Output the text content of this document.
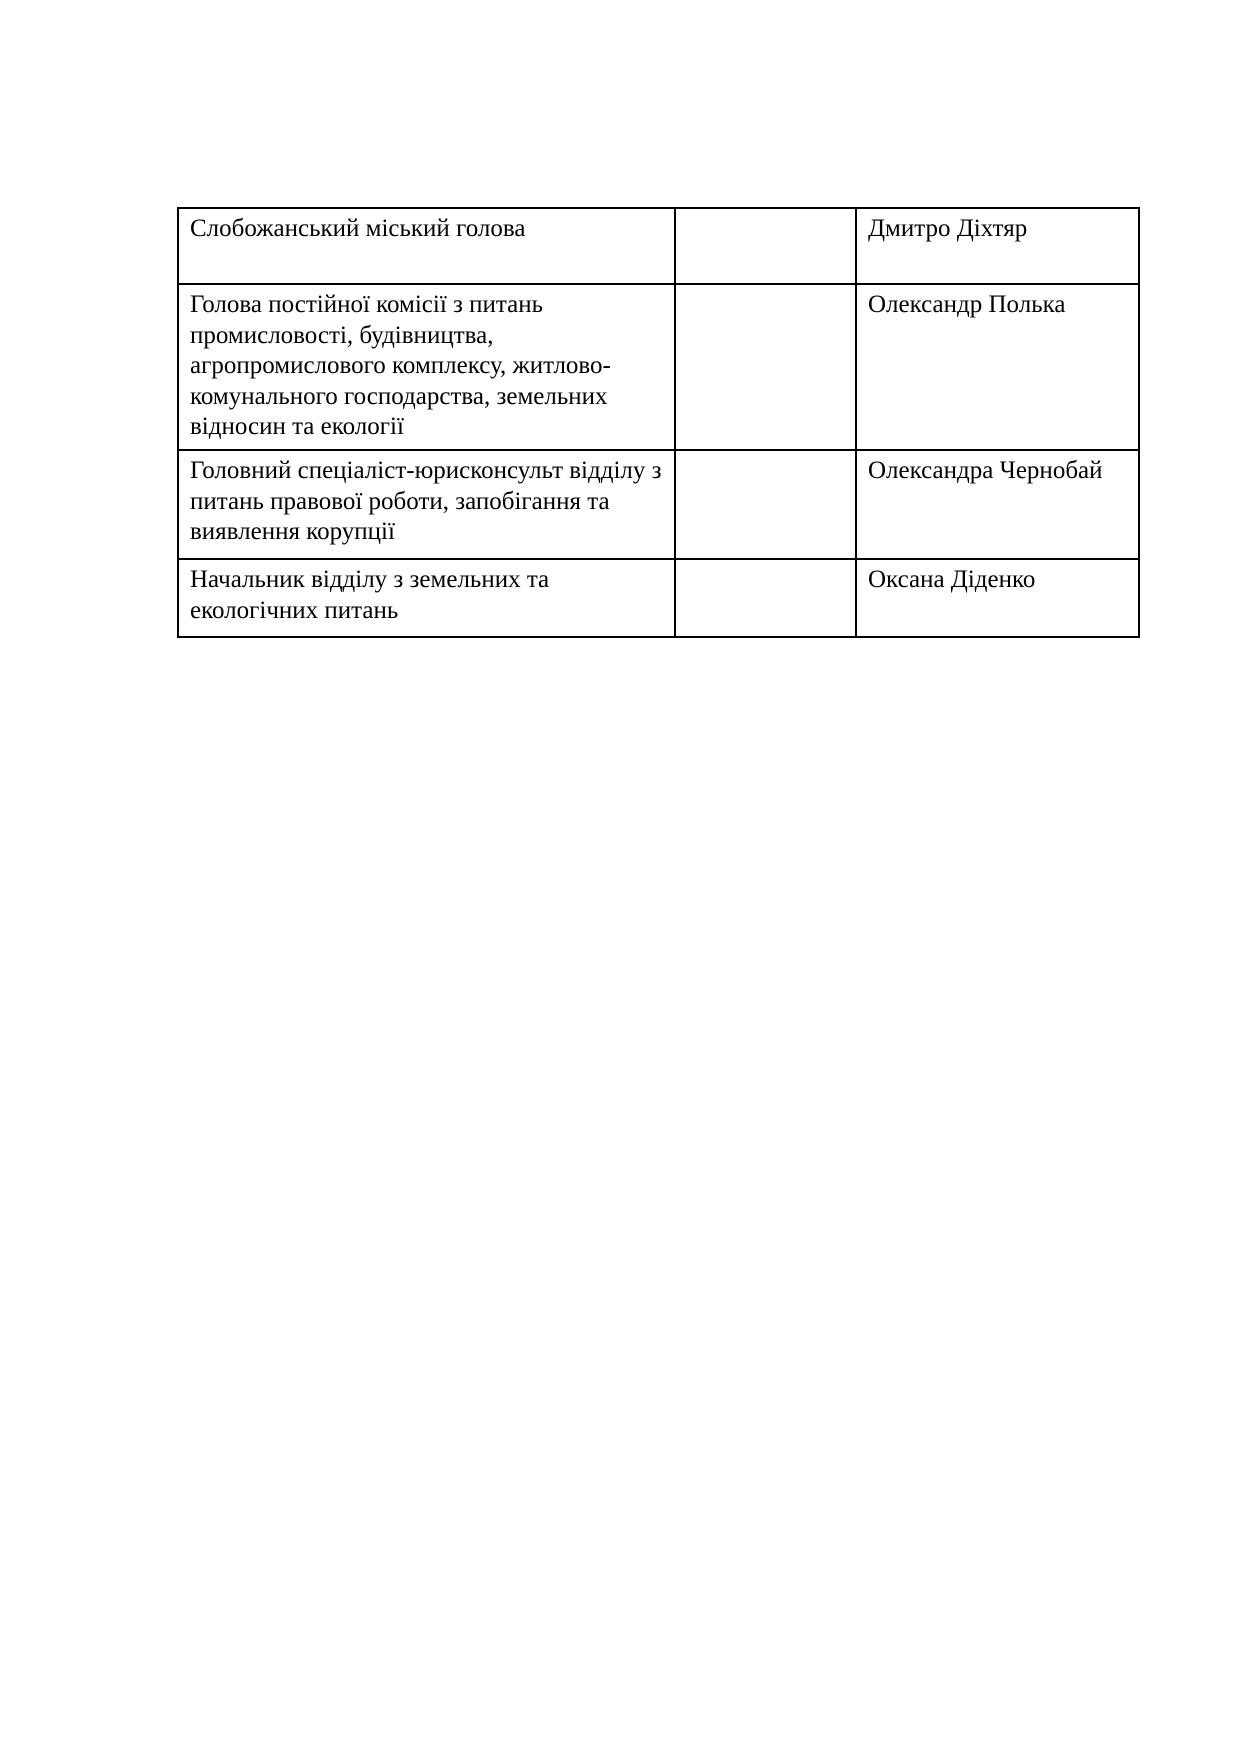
Слобожанський міський голова		Дмитро Діхтяр
Голова постійної комісії з питань промисловості, будівництва, агропромислового комплексу, житлово-комунального господарства, земельних відносин та екології		Олександр Полька
Головний спеціаліст-юрисконсульт відділу з питань правової роботи, запобігання та виявлення корупції		Олександра Чернобай
Начальник відділу з земельних та екологічних питань		Оксана Діденко
